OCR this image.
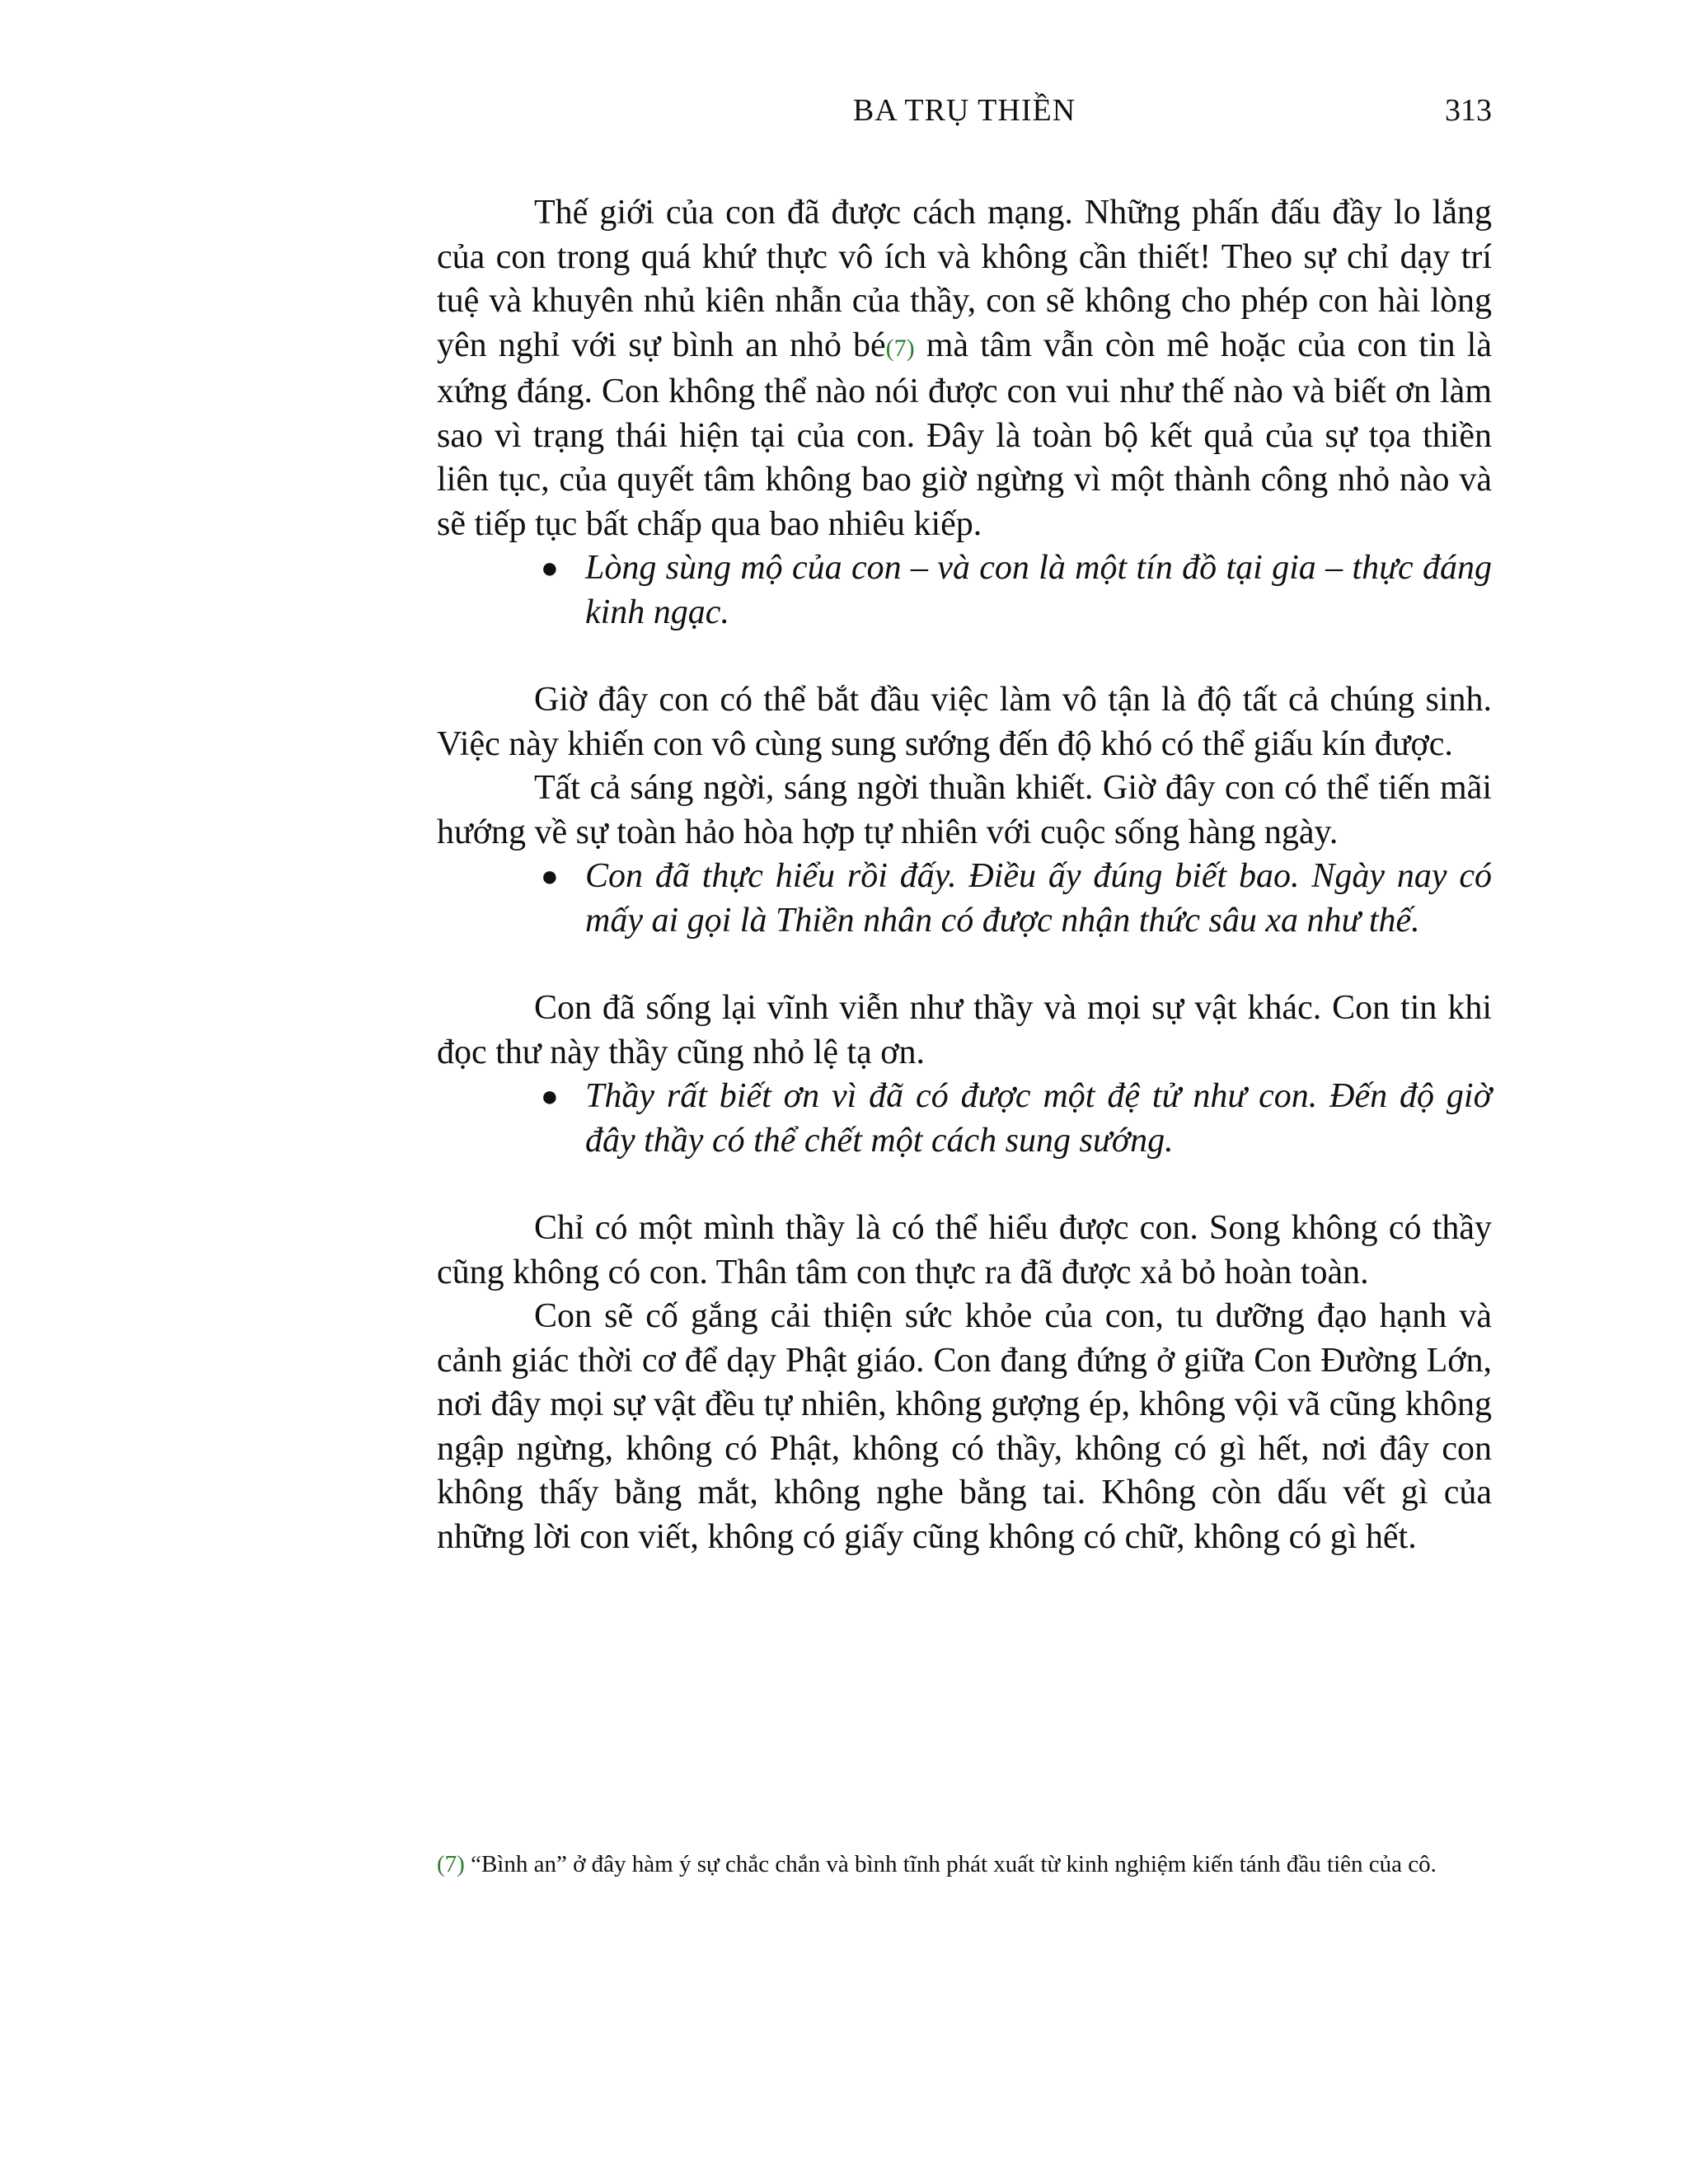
BA TRỤ THIỀN	313

Thế giới của con đã được cách mạng. Những phấn đấu đầy lo lắng của con trong quá khứ thực vô ích và không cần thiết! Theo sự chỉ dạy trí tuệ và khuyên nhủ kiên nhẫn của thầy, con sẽ không cho phép con hài lòng yên nghỉ với sự bình an nhỏ bé(7) mà tâm vẫn còn mê hoặc của con tin là xứng đáng. Con không thể nào nói được con vui như thế nào và biết ơn làm sao vì trạng thái hiện tại của con. Đây là toàn bộ kết quả của sự tọa thiền liên tục, của quyết tâm không bao giờ ngừng vì một thành công nhỏ nào và sẽ tiếp tục bất chấp qua bao nhiêu kiếp.

● Lòng sùng mộ của con – và con là một tín đồ tại gia – thực đáng kinh ngạc.

Giờ đây con có thể bắt đầu việc làm vô tận là độ tất cả chúng sinh. Việc này khiến con vô cùng sung sướng đến độ khó có thể giấu kín được.

Tất cả sáng ngời, sáng ngời thuần khiết. Giờ đây con có thể tiến mãi hướng về sự toàn hảo hòa hợp tự nhiên với cuộc sống hàng ngày.

● Con đã thực hiểu rồi đấy. Điều ấy đúng biết bao. Ngày nay có mấy ai gọi là Thiền nhân có được nhận thức sâu xa như thế.

Con đã sống lại vĩnh viễn như thầy và mọi sự vật khác. Con tin khi đọc thư này thầy cũng nhỏ lệ tạ ơn.

● Thầy rất biết ơn vì đã có được một đệ tử như con. Đến độ giờ đây thầy có thể chết một cách sung sướng.

Chỉ có một mình thầy là có thể hiểu được con. Song không có thầy cũng không có con. Thân tâm con thực ra đã được xả bỏ hoàn toàn.

Con sẽ cố gắng cải thiện sức khỏe của con, tu dưỡng đạo hạnh và cảnh giác thời cơ để dạy Phật giáo. Con đang đứng ở giữa Con Đường Lớn, nơi đây mọi sự vật đều tự nhiên, không gượng ép, không vội vã cũng không ngập ngừng, không có Phật, không có thầy, không có gì hết, nơi đây con không thấy bằng mắt, không nghe bằng tai. Không còn dấu vết gì của những lời con viết, không có giấy cũng không có chữ, không có gì hết.

(7) “Bình an” ở đây hàm ý sự chắc chắn và bình tĩnh phát xuất từ kinh nghiệm kiến tánh đầu tiên của cô.
